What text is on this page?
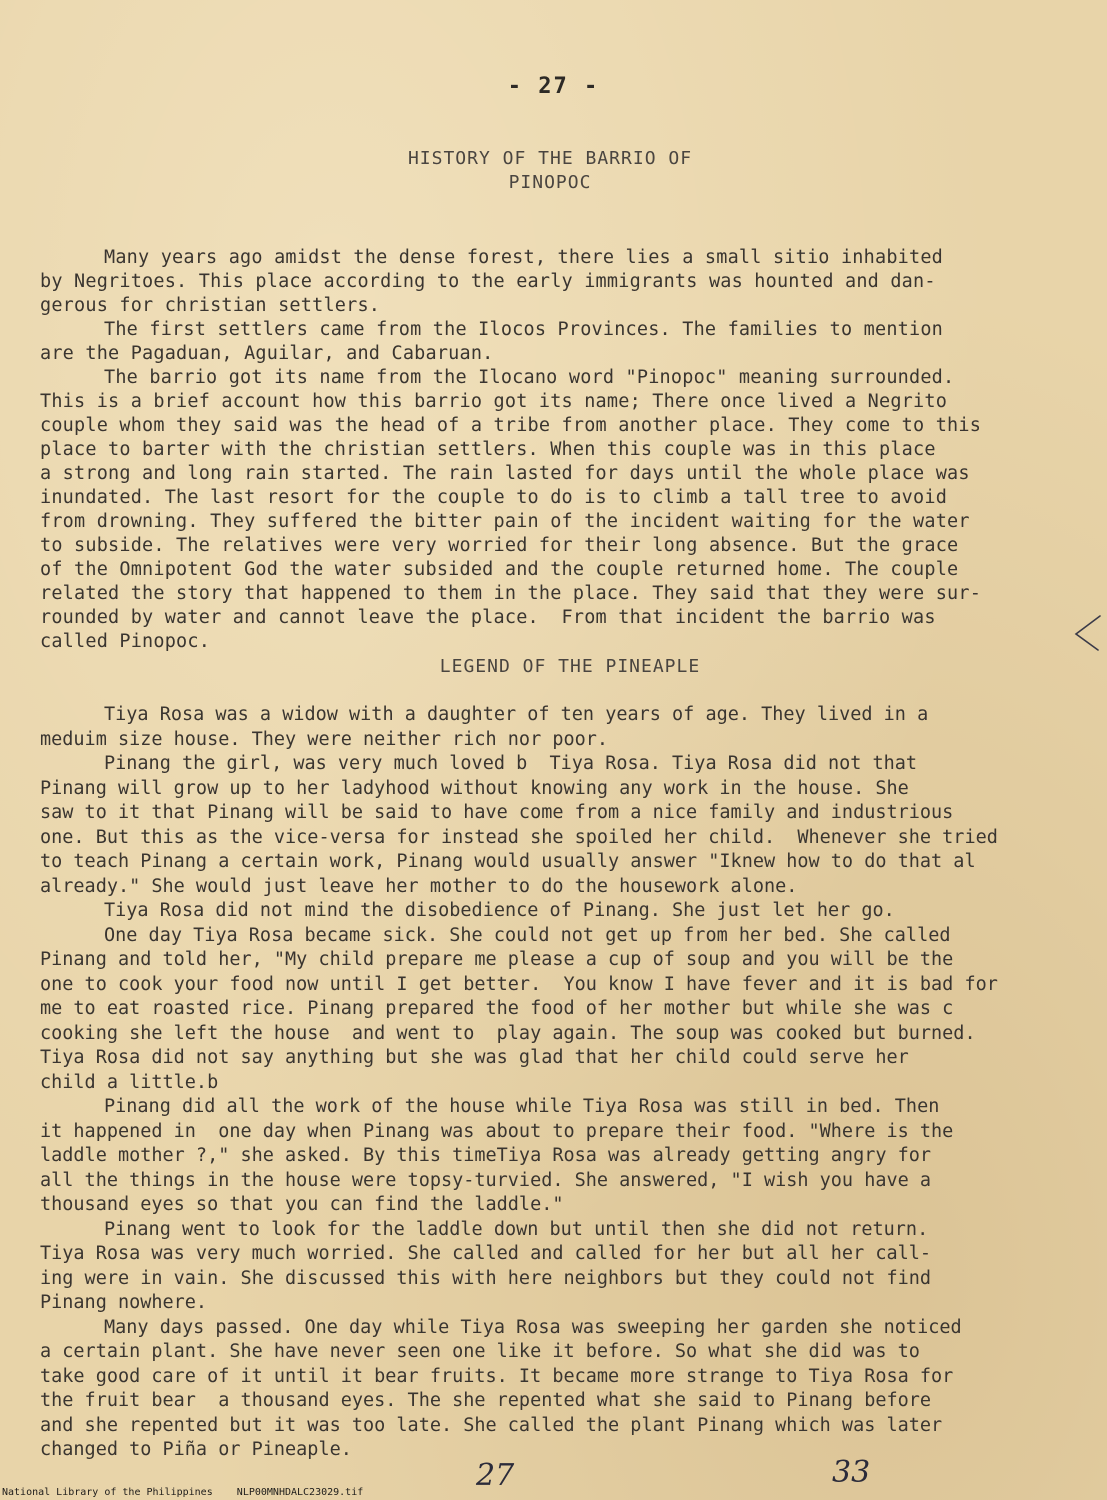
- 27 -
HISTORY OF THE BARRIO OF
PINOPOC
Many years ago amidst the dense forest, there lies a small sitio inhabited
by Negritoes. This place according to the early immigrants was hounted and dan-
gerous for christian settlers.
The first settlers came from the Ilocos Provinces. The families to mention
are the Pagaduan, Aguilar, and Cabaruan.
The barrio got its name from the Ilocano word "Pinopoc" meaning surrounded.
This is a brief account how this barrio got its name; There once lived a Negrito
couple whom they said was the head of a tribe from another place. They come to this
place to barter with the christian settlers. When this couple was in this place
a strong and long rain started. The rain lasted for days until the whole place was
inundated. The last resort for the couple to do is to climb a tall tree to avoid
from drowning. They suffered the bitter pain of the incident waiting for the water
to subside. The relatives were very worried for their long absence. But the grace
of the Omnipotent God the water subsided and the couple returned home. The couple
related the story that happened to them in the place. They said that they were sur-
rounded by water and cannot leave the place.  From that incident the barrio was
called Pinopoc.
LEGEND OF THE PINEAPLE
Tiya Rosa was a widow with a daughter of ten years of age. They lived in a
meduim size house. They were neither rich nor poor.
Pinang the girl, was very much loved b  Tiya Rosa. Tiya Rosa did not that
Pinang will grow up to her ladyhood without knowing any work in the house. She
saw to it that Pinang will be said to have come from a nice family and industrious
one. But this as the vice-versa for instead she spoiled her child.  Whenever she tried
to teach Pinang a certain work, Pinang would usually answer "Iknew how to do that al
already." She would just leave her mother to do the housework alone.
Tiya Rosa did not mind the disobedience of Pinang. She just let her go.
One day Tiya Rosa became sick. She could not get up from her bed. She called
Pinang and told her, "My child prepare me please a cup of soup and you will be the
one to cook your food now until I get better.  You know I have fever and it is bad for
me to eat roasted rice. Pinang prepared the food of her mother but while she was c
cooking she left the house  and went to  play again. The soup was cooked but burned.
Tiya Rosa did not say anything but she was glad that her child could serve her
child a little.b
Pinang did all the work of the house while Tiya Rosa was still in bed. Then
it happened in  one day when Pinang was about to prepare their food. "Where is the
laddle mother ?," she asked. By this timeTiya Rosa was already getting angry for
all the things in the house were topsy-turvied. She answered, "I wish you have a
thousand eyes so that you can find the laddle."
Pinang went to look for the laddle down but until then she did not return.
Tiya Rosa was very much worried. She called and called for her but all her call-
ing were in vain. She discussed this with here neighbors but they could not find
Pinang nowhere.
Many days passed. One day while Tiya Rosa was sweeping her garden she noticed
a certain plant. She have never seen one like it before. So what she did was to
take good care of it until it bear fruits. It became more strange to Tiya Rosa for
the fruit bear  a thousand eyes. The she repented what she said to Pinang before
and she repented but it was too late. She called the plant Pinang which was later
changed to Piña or Pineaple.
27	33
National Library of the Philippines    NLP00MNHDALC23029.tif
